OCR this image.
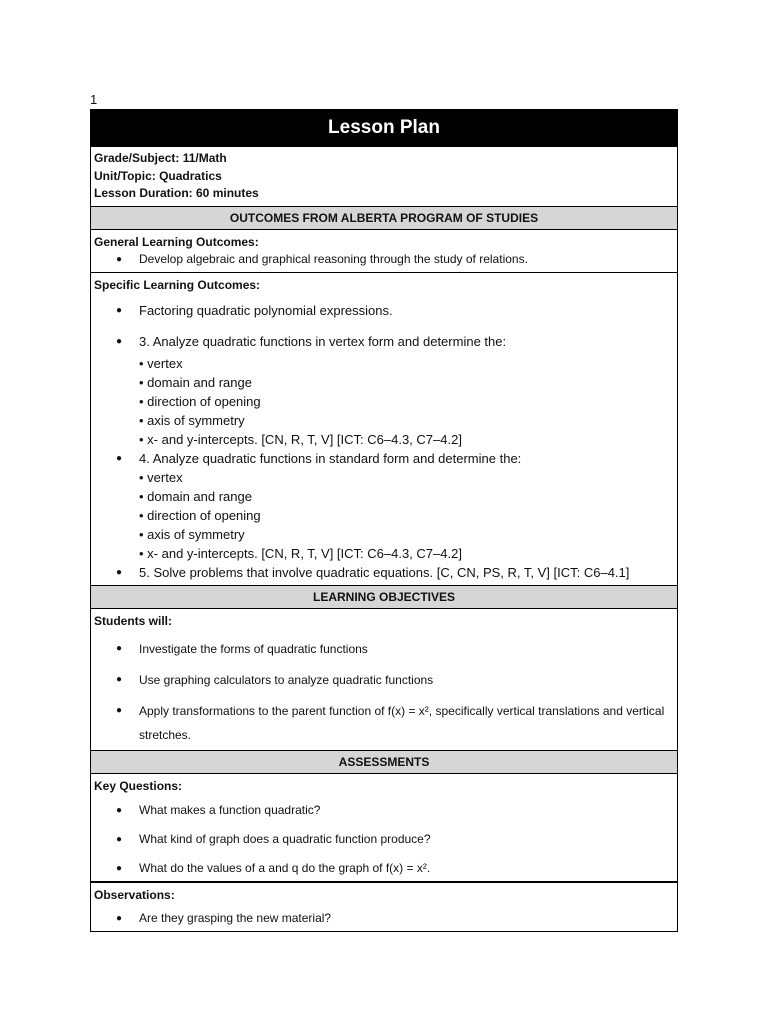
1
Lesson Plan
Grade/Subject: 11/Math
Unit/Topic: Quadratics
Lesson Duration: 60 minutes
OUTCOMES FROM ALBERTA PROGRAM OF STUDIES
General Learning Outcomes:
● Develop algebraic and graphical reasoning through the study of relations.
Specific Learning Outcomes:
● Factoring quadratic polynomial expressions.
● 3. Analyze quadratic functions in vertex form and determine the:
• vertex
• domain and range
• direction of opening
• axis of symmetry
• x- and y-intercepts. [CN, R, T, V] [ICT: C6–4.3, C7–4.2]
● 4. Analyze quadratic functions in standard form and determine the:
• vertex
• domain and range
• direction of opening
• axis of symmetry
• x- and y-intercepts. [CN, R, T, V] [ICT: C6–4.3, C7–4.2]
● 5. Solve problems that involve quadratic equations. [C, CN, PS, R, T, V] [ICT: C6–4.1]
LEARNING OBJECTIVES
Students will:
● Investigate the forms of quadratic functions
● Use graphing calculators to analyze quadratic functions
● Apply transformations to the parent function of f(x) = x², specifically vertical translations and vertical stretches.
ASSESSMENTS
Key Questions:
● What makes a function quadratic?
● What kind of graph does a quadratic function produce?
● What do the values of a and q do the graph of f(x) = x².
Observations:
● Are they grasping the new material?
